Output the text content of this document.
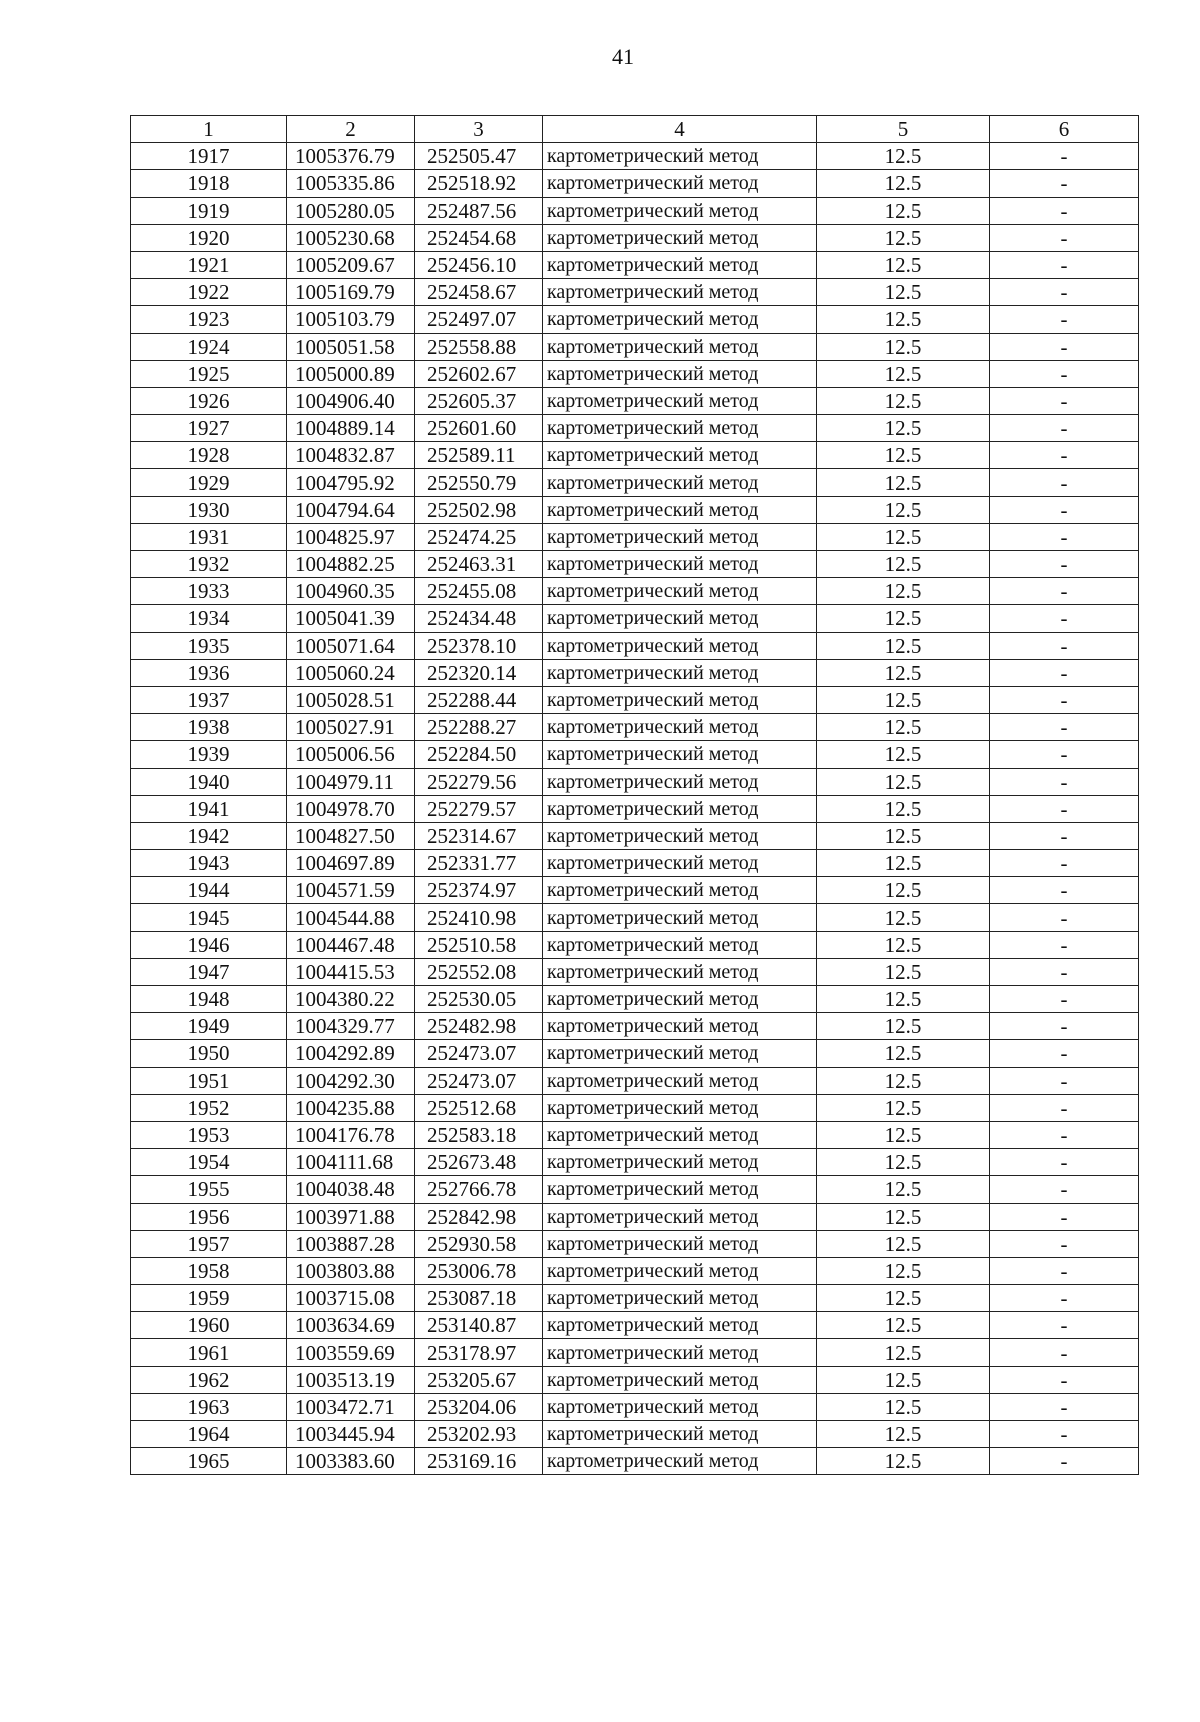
41
1	2	3	4	5	6
1917	1005376.79	252505.47	картометрический метод	12.5	-
1918	1005335.86	252518.92	картометрический метод	12.5	-
1919	1005280.05	252487.56	картометрический метод	12.5	-
1920	1005230.68	252454.68	картометрический метод	12.5	-
1921	1005209.67	252456.10	картометрический метод	12.5	-
1922	1005169.79	252458.67	картометрический метод	12.5	-
1923	1005103.79	252497.07	картометрический метод	12.5	-
1924	1005051.58	252558.88	картометрический метод	12.5	-
1925	1005000.89	252602.67	картометрический метод	12.5	-
1926	1004906.40	252605.37	картометрический метод	12.5	-
1927	1004889.14	252601.60	картометрический метод	12.5	-
1928	1004832.87	252589.11	картометрический метод	12.5	-
1929	1004795.92	252550.79	картометрический метод	12.5	-
1930	1004794.64	252502.98	картометрический метод	12.5	-
1931	1004825.97	252474.25	картометрический метод	12.5	-
1932	1004882.25	252463.31	картометрический метод	12.5	-
1933	1004960.35	252455.08	картометрический метод	12.5	-
1934	1005041.39	252434.48	картометрический метод	12.5	-
1935	1005071.64	252378.10	картометрический метод	12.5	-
1936	1005060.24	252320.14	картометрический метод	12.5	-
1937	1005028.51	252288.44	картометрический метод	12.5	-
1938	1005027.91	252288.27	картометрический метод	12.5	-
1939	1005006.56	252284.50	картометрический метод	12.5	-
1940	1004979.11	252279.56	картометрический метод	12.5	-
1941	1004978.70	252279.57	картометрический метод	12.5	-
1942	1004827.50	252314.67	картометрический метод	12.5	-
1943	1004697.89	252331.77	картометрический метод	12.5	-
1944	1004571.59	252374.97	картометрический метод	12.5	-
1945	1004544.88	252410.98	картометрический метод	12.5	-
1946	1004467.48	252510.58	картометрический метод	12.5	-
1947	1004415.53	252552.08	картометрический метод	12.5	-
1948	1004380.22	252530.05	картометрический метод	12.5	-
1949	1004329.77	252482.98	картометрический метод	12.5	-
1950	1004292.89	252473.07	картометрический метод	12.5	-
1951	1004292.30	252473.07	картометрический метод	12.5	-
1952	1004235.88	252512.68	картометрический метод	12.5	-
1953	1004176.78	252583.18	картометрический метод	12.5	-
1954	1004111.68	252673.48	картометрический метод	12.5	-
1955	1004038.48	252766.78	картометрический метод	12.5	-
1956	1003971.88	252842.98	картометрический метод	12.5	-
1957	1003887.28	252930.58	картометрический метод	12.5	-
1958	1003803.88	253006.78	картометрический метод	12.5	-
1959	1003715.08	253087.18	картометрический метод	12.5	-
1960	1003634.69	253140.87	картометрический метод	12.5	-
1961	1003559.69	253178.97	картометрический метод	12.5	-
1962	1003513.19	253205.67	картометрический метод	12.5	-
1963	1003472.71	253204.06	картометрический метод	12.5	-
1964	1003445.94	253202.93	картометрический метод	12.5	-
1965	1003383.60	253169.16	картометрический метод	12.5	-
